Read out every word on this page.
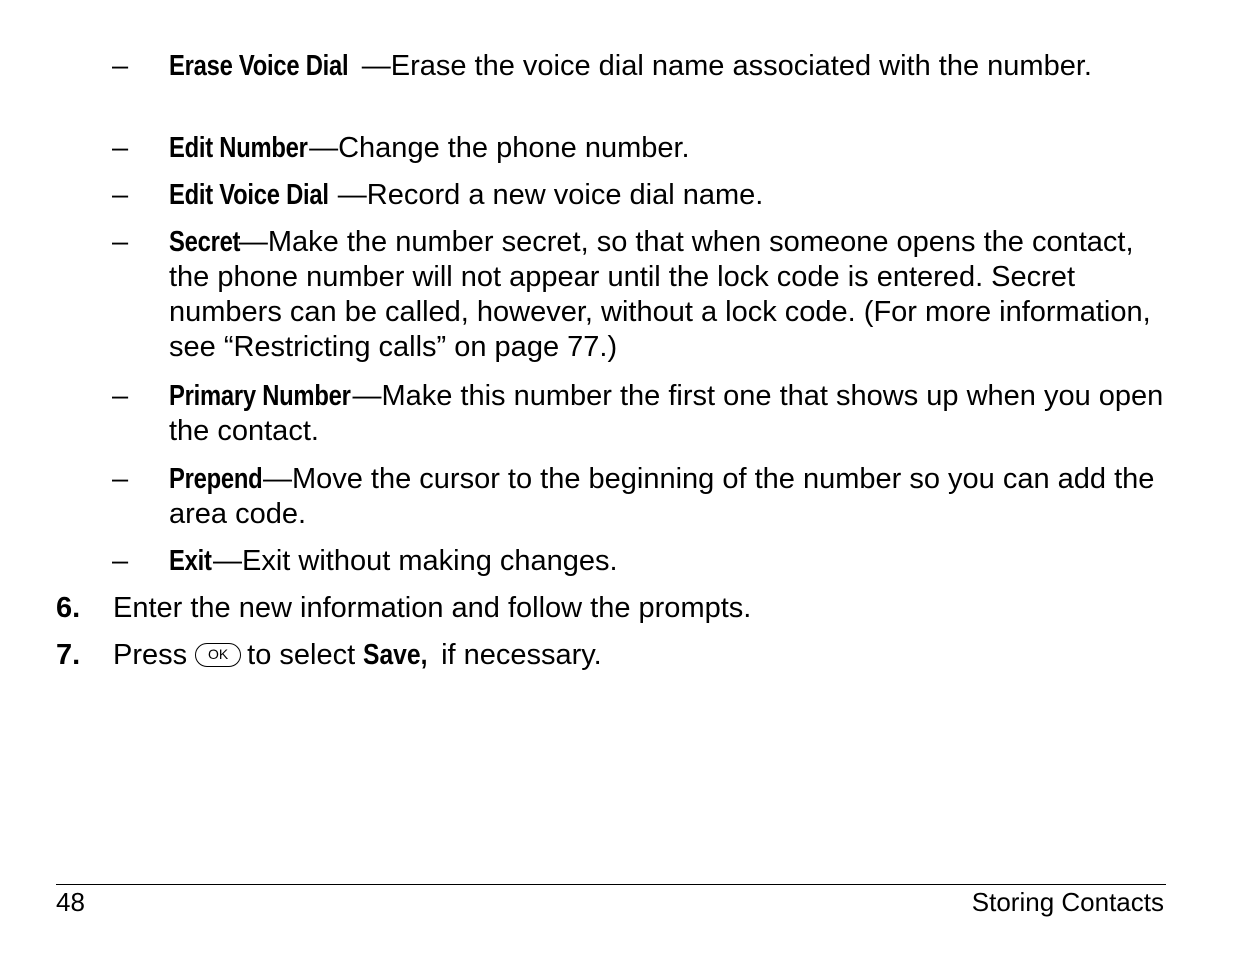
– Erase Voice Dial —Erase the voice dial name associated with the number.
– Edit Number—Change the phone number.
– Edit Voice Dial —Record a new voice dial name.
– Secret—Make the number secret, so that when someone opens the contact, the phone number will not appear until the lock code is entered. Secret numbers can be called, however, without a lock code. (For more information, see “Restricting calls” on page 77.)
– Primary Number—Make this number the first one that shows up when you open the contact.
– Prepend—Move the cursor to the beginning of the number so you can add the area code.
– Exit—Exit without making changes.
6. Enter the new information and follow the prompts.
7. Press	OK to select Save, if necessary.
48	Storing Contacts
